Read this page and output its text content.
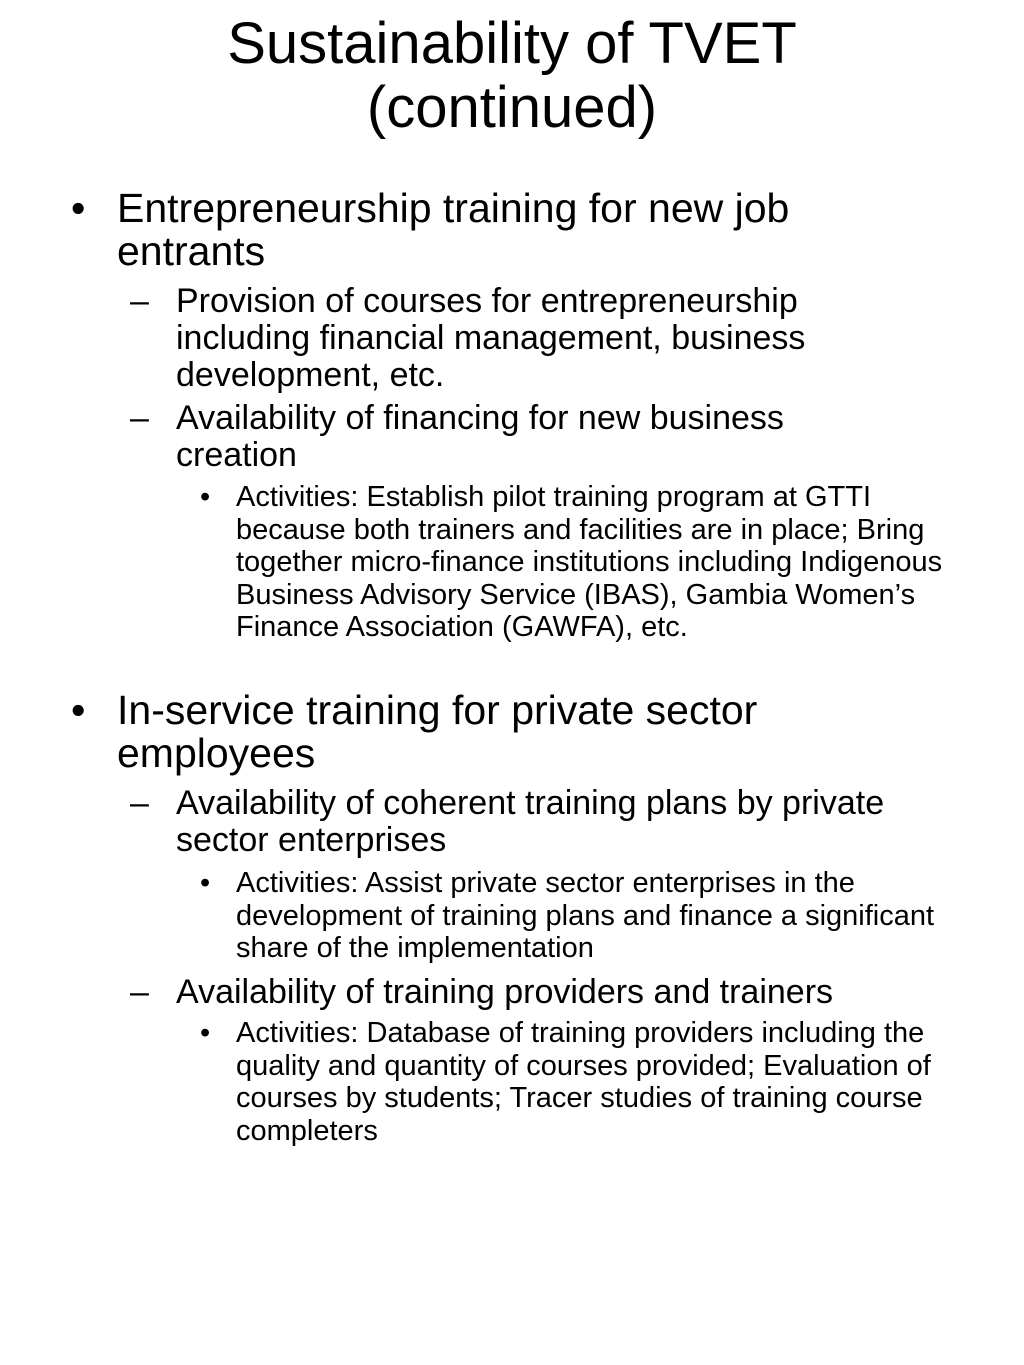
Sustainability of TVET
(continued)
• Entrepreneurship training for new job entrants
– Provision of courses for entrepreneurship including financial management, business development, etc.
– Availability of financing for new business creation
• Activities: Establish pilot training program at GTTI because both trainers and facilities are in place; Bring together micro-finance institutions including Indigenous Business Advisory Service (IBAS), Gambia Women’s Finance Association (GAWFA), etc.
• In-service training for private sector employees
– Availability of coherent training plans by private sector enterprises
• Activities: Assist private sector enterprises in the development of training plans and finance a significant share of the implementation
– Availability of training providers and trainers
• Activities: Database of training providers including the quality and quantity of courses provided; Evaluation of courses by students; Tracer studies of training course completers
